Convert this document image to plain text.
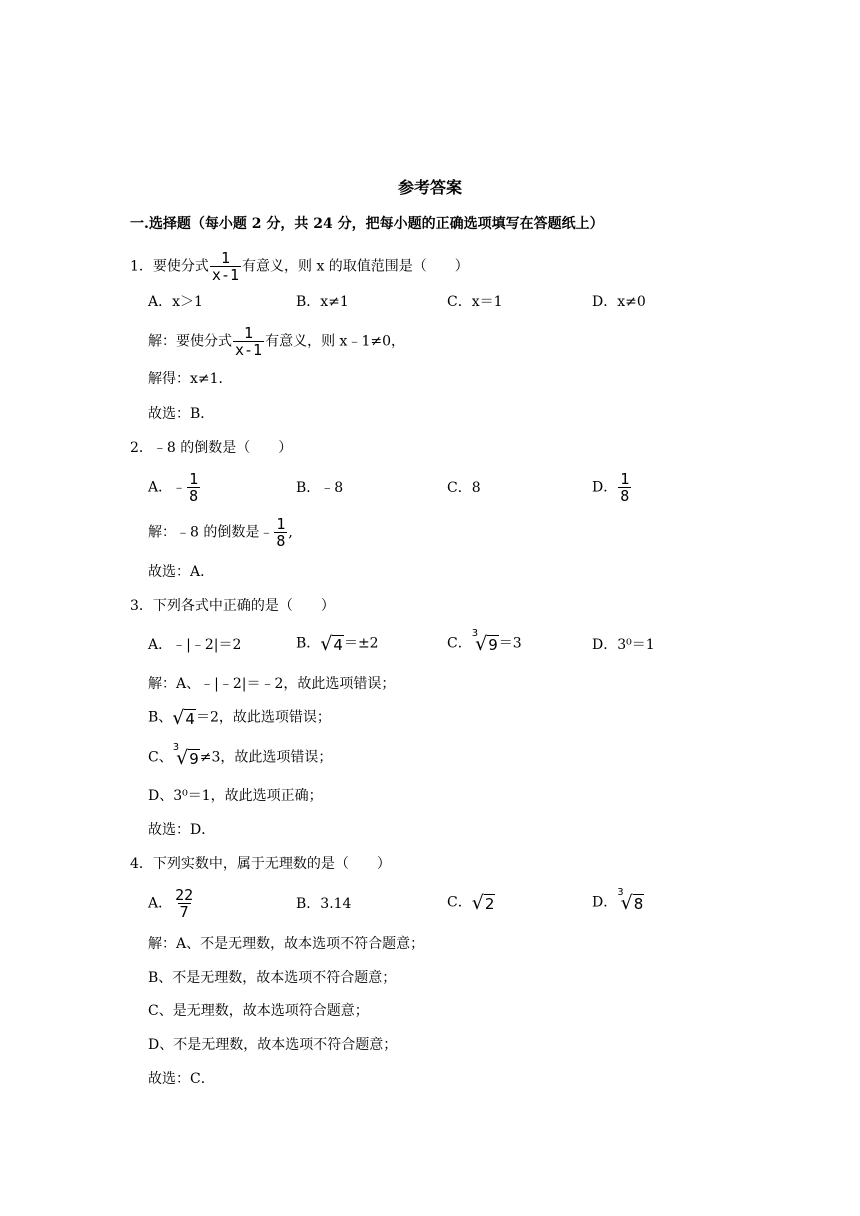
参考答案
一.选择题（每小题 2 分，共 24 分，把每小题的正确选项填写在答题纸上）
1．要使分式 $\frac{1}{x-1}$ 有意义，则 x 的取值范围是（　　）
A．x＞1	B．x≠1	C．x＝1	D．x≠0
解：要使分式 $\frac{1}{x-1}$ 有意义，则 x﹣1≠0，
解得：x≠1．
故选：B．
2．﹣8 的倒数是（　　）
A．﹣ $\frac{1}{8}$	B．﹣8	C．8	D． $\frac{1}{8}$
解：﹣8 的倒数是﹣ $\frac{1}{8}$ ,
故选：A．
3．下列各式中正确的是（　　）
A．﹣|﹣2|＝2	B． √ 4 ＝±2	C．
3
√ 9 ＝3	D．3⁰＝1
解：A、﹣|﹣2|＝﹣2，故此选项错误；
B、 √ 4 ＝2，故此选项错误；
C、
3
√ 9 ≠3，故此选项错误；
D、3⁰＝1，故此选项正确；
故选：D．
4．下列实数中，属于无理数的是（　　）
A． $\frac{22}{7}$	B．3.14	C． √ 2	D．
3
√ 8
解：A、不是无理数，故本选项不符合题意；
B、不是无理数，故本选项不符合题意；
C、是无理数，故本选项符合题意；
D、不是无理数，故本选项不符合题意；
故选：C．
